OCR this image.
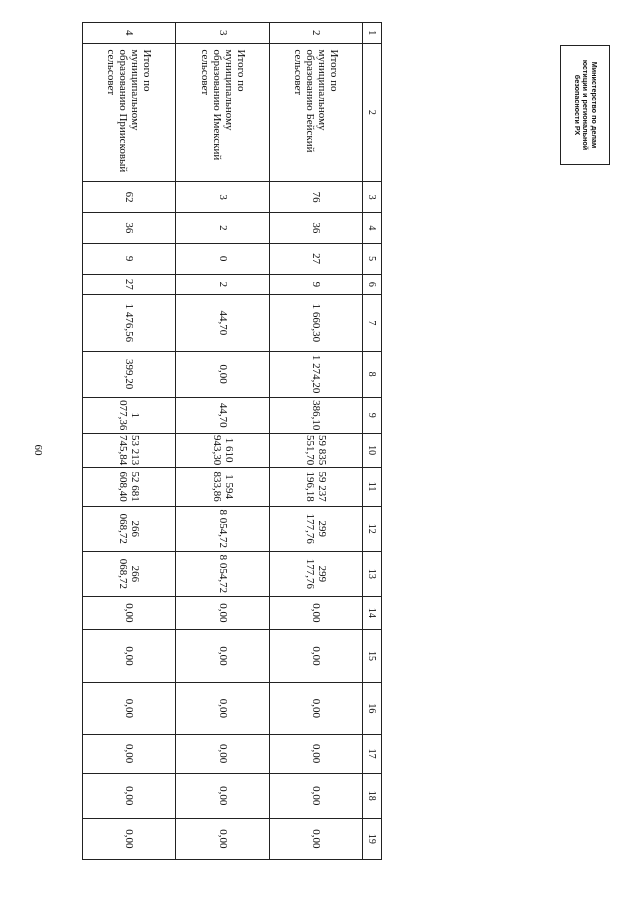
60
Министерство по делам
юстиции и региональной
безопасности РХ
1	2	3	4	5	6	7	8	9	10	11	12	13	14	15	16	17	18	19
2	Итого по муниципальному образованию Бейский сельсовет	76	36	27	9	1 660,30	1 274,20	386,10	59 835 551,70	59 237 196,18	299 177,76	299 177,76	0,00	0,00	0,00	0,00	0,00	0,00
3	Итого по муниципальному образованию Имекский сельсовет	3	2	0	2	44,70	0,00	44,70	1 610 943,30	1 594 833,86	8 054,72	8 054,72	0,00	0,00	0,00	0,00	0,00	0,00
4	Итого по муниципальному образованию Приисковый сельсовет	62	36	9	27	1 476,56	399,20	1 077,36	53 213 745,84	52 681 608,40	266 068,72	266 068,72	0,00	0,00	0,00	0,00	0,00	0,00
